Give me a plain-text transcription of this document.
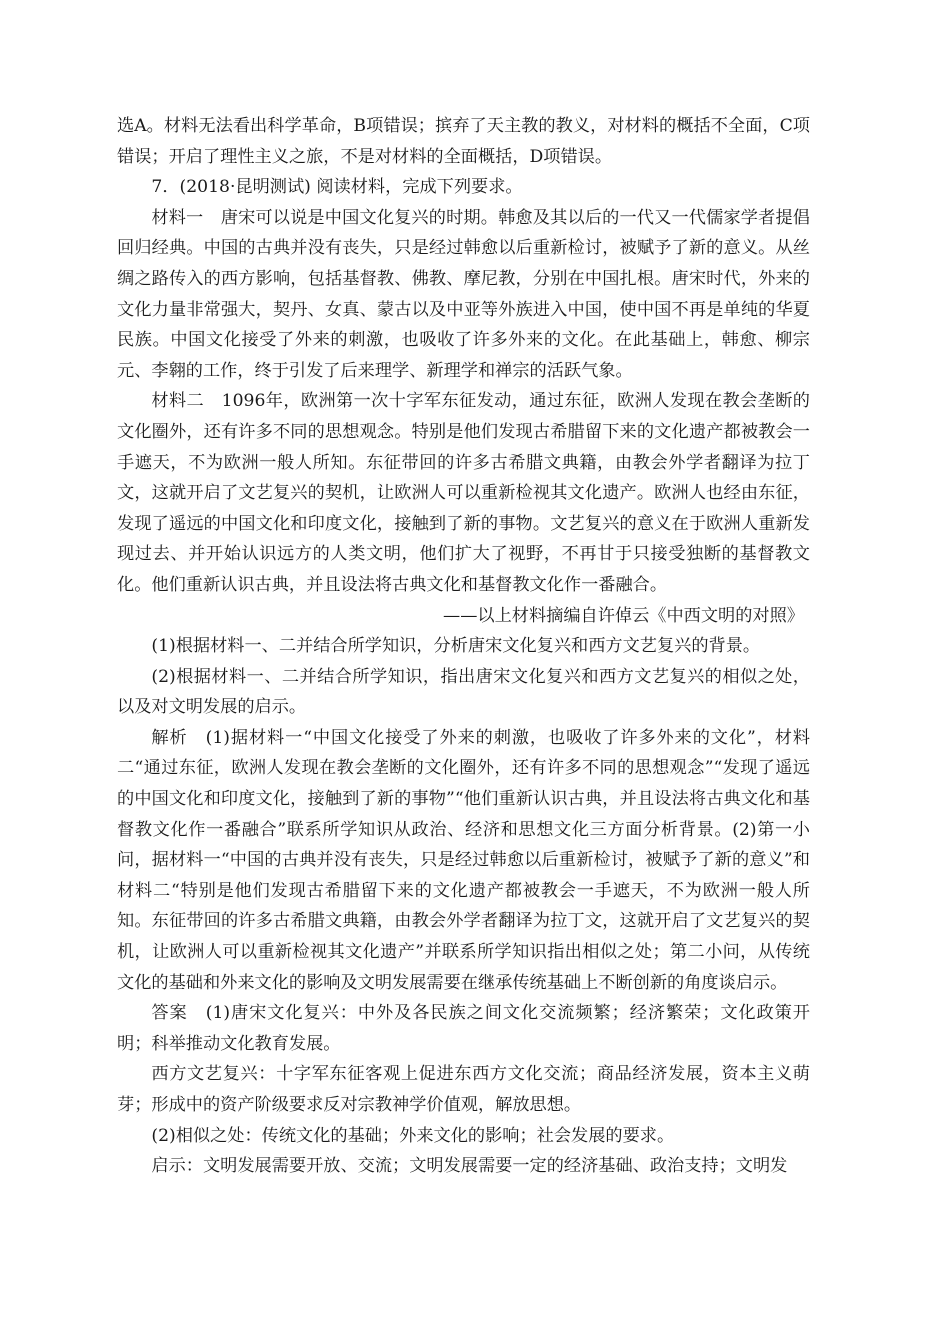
选A。材料无法看出科学革命，B项错误；摈弃了天主教的教义，对材料的概括不全面，C项错误；开启了理性主义之旅，不是对材料的全面概括，D项错误。

7．(2018·昆明测试) 阅读材料，完成下列要求。

材料一　唐宋可以说是中国文化复兴的时期。韩愈及其以后的一代又一代儒家学者提倡回归经典。中国的古典并没有丧失，只是经过韩愈以后重新检讨，被赋予了新的意义。从丝绸之路传入的西方影响，包括基督教、佛教、摩尼教，分别在中国扎根。唐宋时代，外来的文化力量非常强大，契丹、女真、蒙古以及中亚等外族进入中国，使中国不再是单纯的华夏民族。中国文化接受了外来的刺激，也吸收了许多外来的文化。在此基础上，韩愈、柳宗元、李翱的工作，终于引发了后来理学、新理学和禅宗的活跃气象。

材料二　1096年，欧洲第一次十字军东征发动，通过东征，欧洲人发现在教会垄断的文化圈外，还有许多不同的思想观念。特别是他们发现古希腊留下来的文化遗产都被教会一手遮天，不为欧洲一般人所知。东征带回的许多古希腊文典籍，由教会外学者翻译为拉丁文，这就开启了文艺复兴的契机，让欧洲人可以重新检视其文化遗产。欧洲人也经由东征，发现了遥远的中国文化和印度文化，接触到了新的事物。文艺复兴的意义在于欧洲人重新发现过去、并开始认识远方的人类文明，他们扩大了视野，不再甘于只接受独断的基督教文化。他们重新认识古典，并且设法将古典文化和基督教文化作一番融合。

——以上材料摘编自许倬云《中西文明的对照》

(1)根据材料一、二并结合所学知识，分析唐宋文化复兴和西方文艺复兴的背景。

(2)根据材料一、二并结合所学知识，指出唐宋文化复兴和西方文艺复兴的相似之处，以及对文明发展的启示。

解析　(1)据材料一“中国文化接受了外来的刺激，也吸收了许多外来的文化”，材料二“通过东征，欧洲人发现在教会垄断的文化圈外，还有许多不同的思想观念”“发现了遥远的中国文化和印度文化，接触到了新的事物”“他们重新认识古典，并且设法将古典文化和基督教文化作一番融合”联系所学知识从政治、经济和思想文化三方面分析背景。(2)第一小问，据材料一“中国的古典并没有丧失，只是经过韩愈以后重新检讨，被赋予了新的意义”和材料二“特别是他们发现古希腊留下来的文化遗产都被教会一手遮天，不为欧洲一般人所知。东征带回的许多古希腊文典籍，由教会外学者翻译为拉丁文，这就开启了文艺复兴的契机，让欧洲人可以重新检视其文化遗产”并联系所学知识指出相似之处；第二小问，从传统文化的基础和外来文化的影响及文明发展需要在继承传统基础上不断创新的角度谈启示。

答案　(1)唐宋文化复兴：中外及各民族之间文化交流频繁；经济繁荣；文化政策开明；科举推动文化教育发展。

西方文艺复兴：十字军东征客观上促进东西方文化交流；商品经济发展，资本主义萌芽；形成中的资产阶级要求反对宗教神学价值观，解放思想。

(2)相似之处：传统文化的基础；外来文化的影响；社会发展的要求。

启示：文明发展需要开放、交流；文明发展需要一定的经济基础、政治支持；文明发
